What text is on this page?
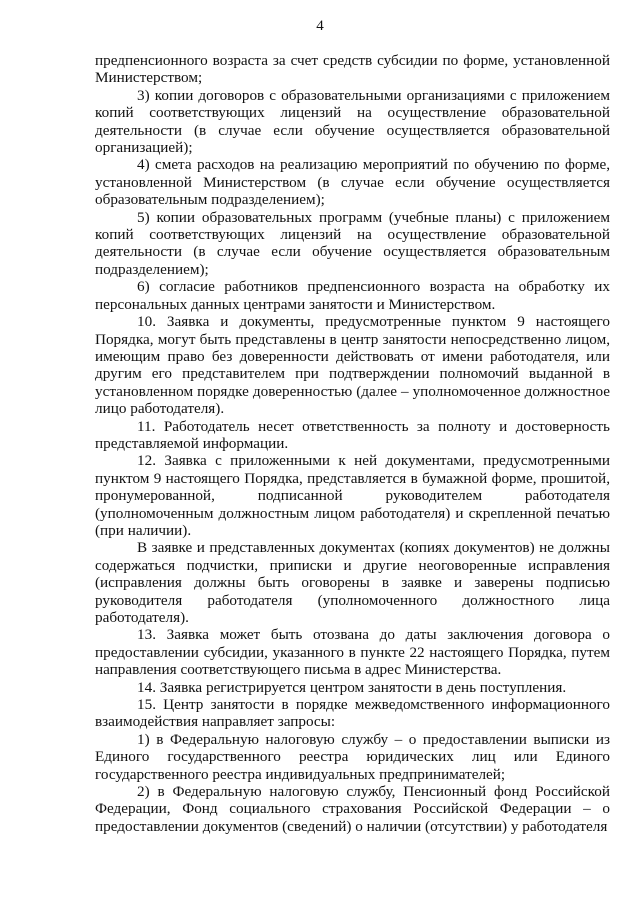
4

предпенсионного возраста за счет средств субсидии по форме, установленной Министерством;

3) копии договоров с образовательными организациями с приложением копий соответствующих лицензий на осуществление образовательной деятельности (в случае если обучение осуществляется образовательной организацией);

4) смета расходов на реализацию мероприятий по обучению по форме, установленной Министерством (в случае если обучение осуществляется образовательным подразделением);

5) копии образовательных программ (учебные планы) с приложением копий соответствующих лицензий на осуществление образовательной деятельности (в случае если обучение осуществляется образовательным подразделением);

6) согласие работников предпенсионного возраста на обработку их персональных данных центрами занятости и Министерством.

10. Заявка и документы, предусмотренные пунктом 9 настоящего Порядка, могут быть представлены в центр занятости непосредственно лицом, имеющим право без доверенности действовать от имени работодателя, или другим его представителем при подтверждении полномочий выданной в установленном порядке доверенностью (далее – уполномоченное должностное лицо работодателя).

11. Работодатель несет ответственность за полноту и достоверность представляемой информации.

12. Заявка с приложенными к ней документами, предусмотренными пунктом 9 настоящего Порядка, представляется в бумажной форме, прошитой, пронумерованной, подписанной руководителем работодателя (уполномоченным должностным лицом работодателя) и скрепленной печатью (при наличии).

В заявке и представленных документах (копиях документов) не должны содержаться подчистки, приписки и другие неоговоренные исправления (исправления должны быть оговорены в заявке и заверены подписью руководителя работодателя (уполномоченного должностного лица работодателя).

13. Заявка может быть отозвана до даты заключения договора о предоставлении субсидии, указанного в пункте 22 настоящего Порядка, путем направления соответствующего письма в адрес Министерства.

14. Заявка регистрируется центром занятости в день поступления.

15. Центр занятости в порядке межведомственного информационного взаимодействия направляет запросы:

1) в Федеральную налоговую службу – о предоставлении выписки из Единого государственного реестра юридических лиц или Единого государственного реестра индивидуальных предпринимателей;

2) в Федеральную налоговую службу, Пенсионный фонд Российской Федерации, Фонд социального страхования Российской Федерации – о предоставлении документов (сведений) о наличии (отсутствии) у работодателя
